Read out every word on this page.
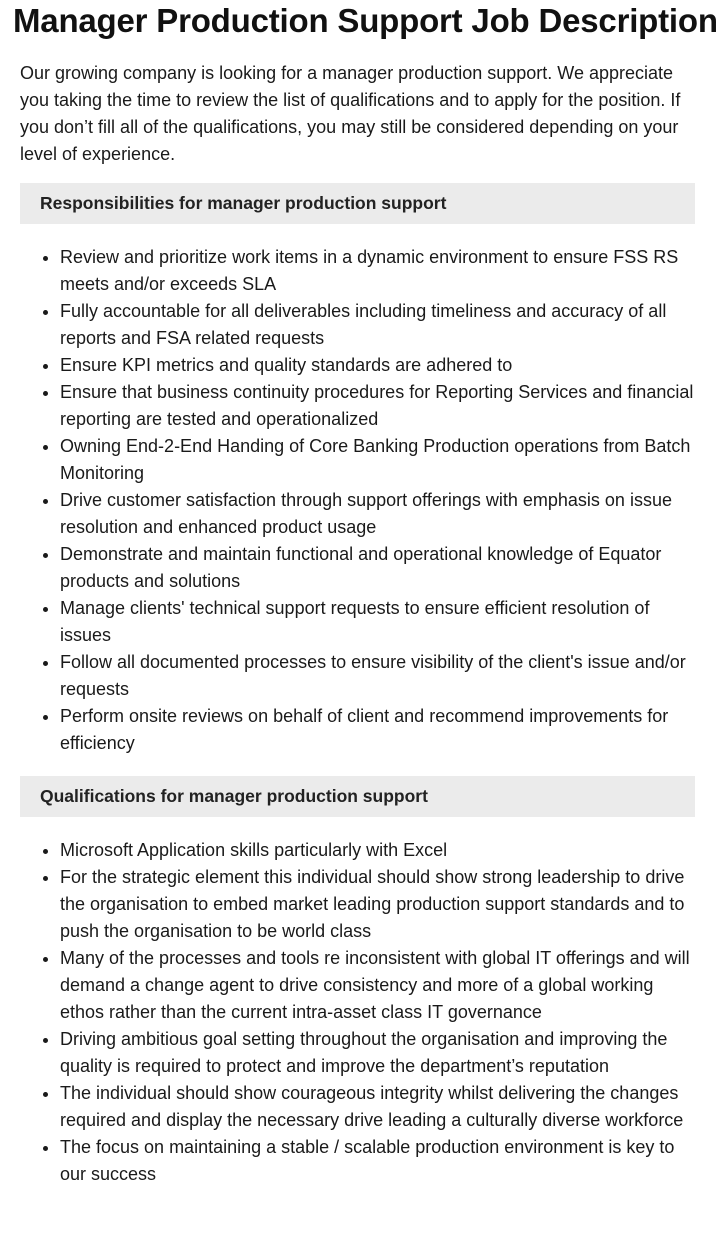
Manager Production Support Job Description

Our growing company is looking for a manager production support. We appreciate you taking the time to review the list of qualifications and to apply for the position. If you don’t fill all of the qualifications, you may still be considered depending on your level of experience.

Responsibilities for manager production support
• Review and prioritize work items in a dynamic environment to ensure FSS RS meets and/or exceeds SLA
• Fully accountable for all deliverables including timeliness and accuracy of all reports and FSA related requests
• Ensure KPI metrics and quality standards are adhered to
• Ensure that business continuity procedures for Reporting Services and financial reporting are tested and operationalized
• Owning End-2-End Handing of Core Banking Production operations from Batch Monitoring
• Drive customer satisfaction through support offerings with emphasis on issue resolution and enhanced product usage
• Demonstrate and maintain functional and operational knowledge of Equator products and solutions
• Manage clients' technical support requests to ensure efficient resolution of issues
• Follow all documented processes to ensure visibility of the client's issue and/or requests
• Perform onsite reviews on behalf of client and recommend improvements for efficiency
Qualifications for manager production support
• Microsoft Application skills particularly with Excel
• For the strategic element this individual should show strong leadership to drive the organisation to embed market leading production support standards and to push the organisation to be world class
• Many of the processes and tools re inconsistent with global IT offerings and will demand a change agent to drive consistency and more of a global working ethos rather than the current intra-asset class IT governance
• Driving ambitious goal setting throughout the organisation and improving the quality is required to protect and improve the department’s reputation
• The individual should show courageous integrity whilst delivering the changes required and display the necessary drive leading a culturally diverse workforce
• The focus on maintaining a stable / scalable production environment is key to our success
